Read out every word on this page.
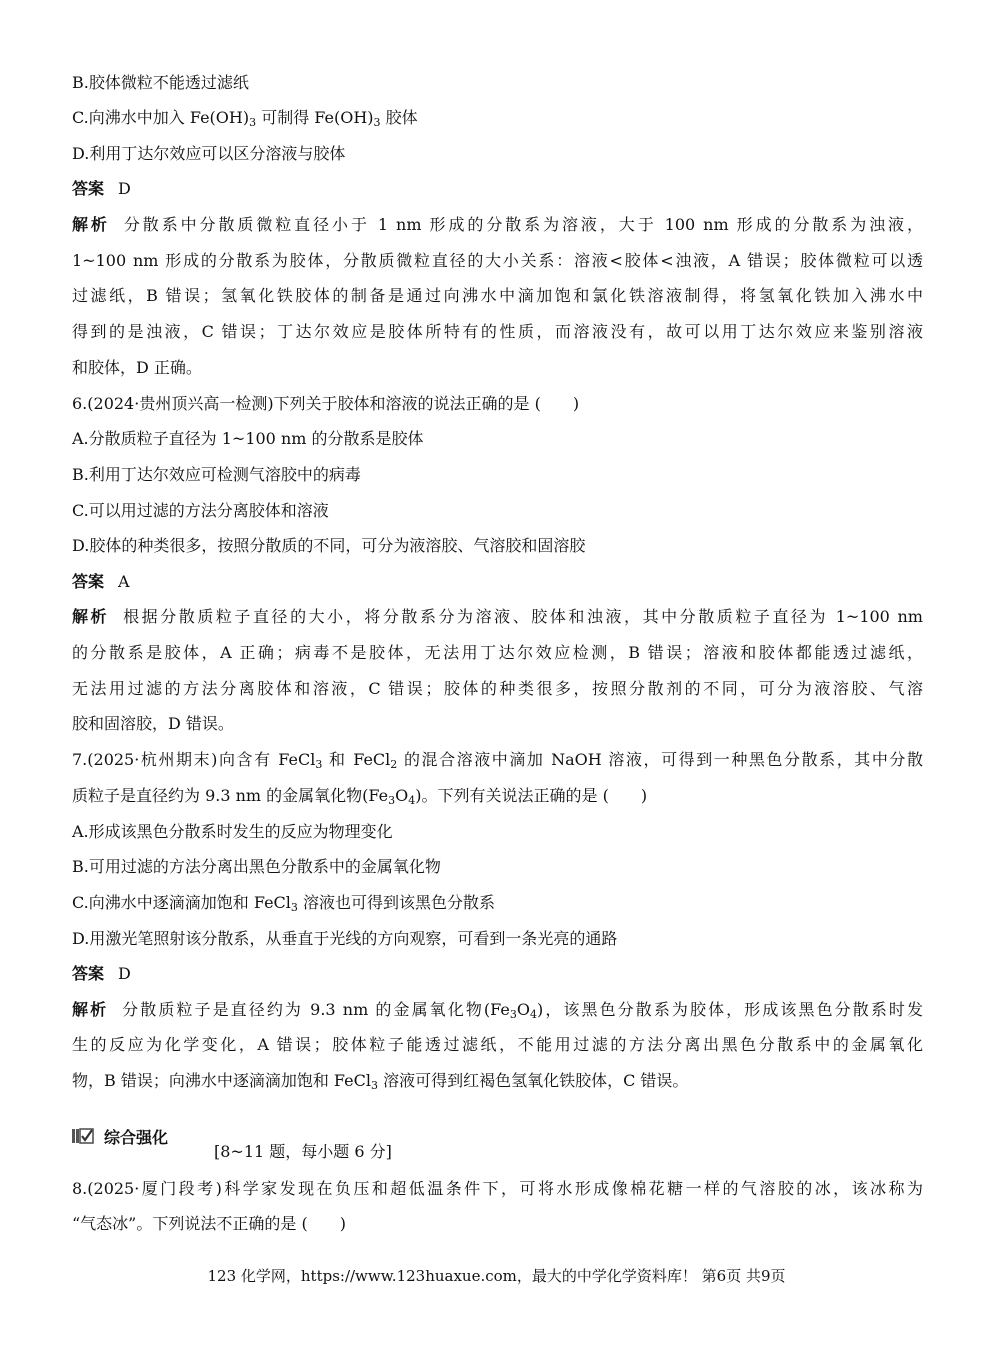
B.胶体微粒不能透过滤纸
C.向沸水中加入 $Fe(OH)_3$ 可制得 $Fe(OH)_3$ 胶体
D.利用丁达尔效应可以区分溶液与胶体
答案 D
解析 分散系中分散质微粒直径小于 1 nm 形成的分散系为溶液，大于 100 nm 形成的分散系为浊液，
1~100 nm 形成的分散系为胶体，分散质微粒直径的大小关系：溶液<胶体<浊液，A 错误；胶体微粒可以透
过滤纸，B 错误；氢氧化铁胶体的制备是通过向沸水中滴加饱和氯化铁溶液制得，将氢氧化铁加入沸水中
得到的是浊液，C 错误；丁达尔效应是胶体所特有的性质，而溶液没有，故可以用丁达尔效应来鉴别溶液
和胶体，D 正确。
6.(2024·贵州顶兴高一检测)下列关于胶体和溶液的说法正确的是 (　　)
A.分散质粒子直径为 1~100 nm 的分散系是胶体
B.利用丁达尔效应可检测气溶胶中的病毒
C.可以用过滤的方法分离胶体和溶液
D.胶体的种类很多，按照分散质的不同，可分为液溶胶、气溶胶和固溶胶
答案 A
解析 根据分散质粒子直径的大小，将分散系分为溶液、胶体和浊液，其中分散质粒子直径为 1~100 nm
的分散系是胶体，A 正确；病毒不是胶体，无法用丁达尔效应检测，B 错误；溶液和胶体都能透过滤纸，
无法用过滤的方法分离胶体和溶液，C 错误；胶体的种类很多，按照分散剂的不同，可分为液溶胶、气溶
胶和固溶胶，D 错误。
7.(2025·杭州期末)向含有 FeCl$_3$ 和 FeCl$_2$ 的混合溶液中滴加 NaOH 溶液，可得到一种黑色分散系，其中分散
质粒子是直径约为 9.3 nm 的金属氧化物$(Fe_3O_4)$。下列有关说法正确的是 (　　)
A.形成该黑色分散系时发生的反应为物理变化
B.可用过滤的方法分离出黑色分散系中的金属氧化物
C.向沸水中逐滴滴加饱和 FeCl$_3$ 溶液也可得到该黑色分散系
D.用激光笔照射该分散系，从垂直于光线的方向观察，可看到一条光亮的通路
答案 D
解析 分散质粒子是直径约为 9.3 nm 的金属氧化物$(Fe_3O_4)$，该黑色分散系为胶体，形成该黑色分散系时发
生的反应为化学变化，A 错误；胶体粒子能透过滤纸，不能用过滤的方法分离出黑色分散系中的金属氧化
物，B 错误；向沸水中逐滴滴加饱和 FeCl$_3$ 溶液可得到红褐色氢氧化铁胶体，C 错误。
综合强化
[8~11 题，每小题 6 分]
8.(2025·厦门段考)科学家发现在负压和超低温条件下，可将水形成像棉花糖一样的气溶胶的冰，该冰称为
“气态冰”。下列说法不正确的是 (　　)
123 化学网，https://www.123huaxue.com，最大的中学化学资料库！ 第6页 共9页
